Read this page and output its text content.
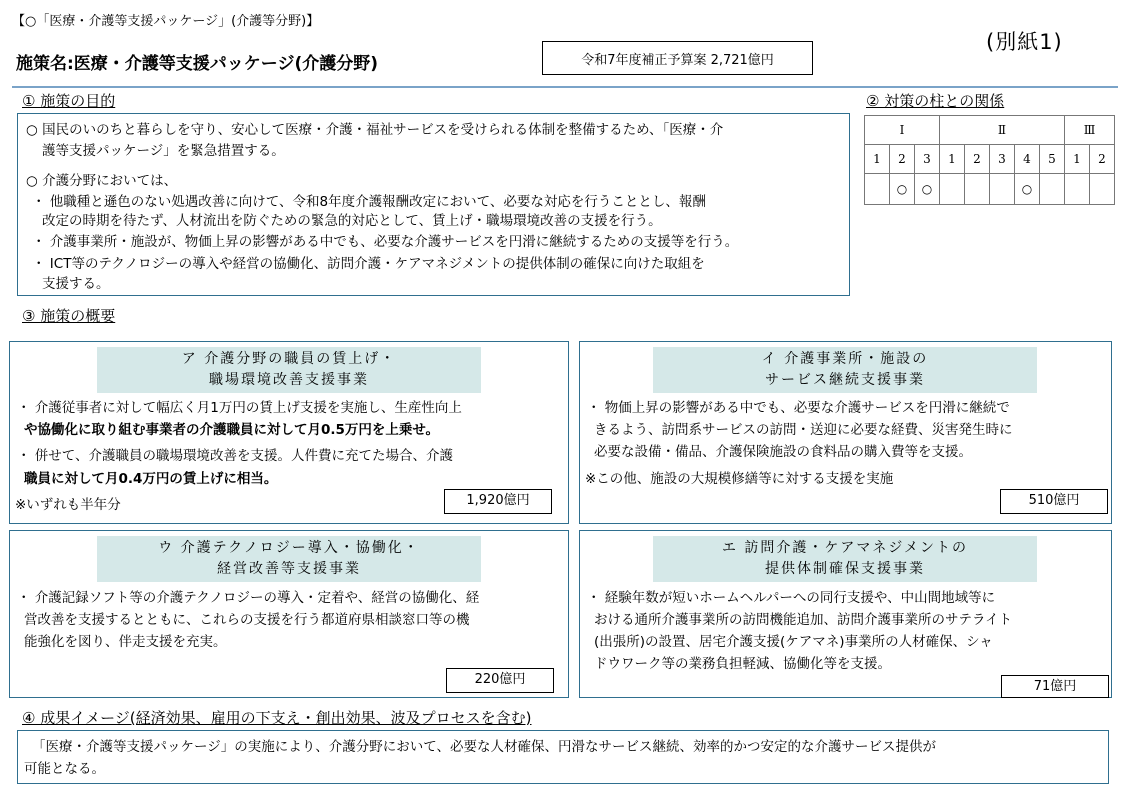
【○「医療・介護等支援パッケージ」(介護等分野)】
施策名:医療・介護等支援パッケージ(介護分野)	令和7年度補正予算案 2,721億円
(別紙1)
① 施策の目的
○ 国民のいのちと暮らしを守り、安心して医療・介護・福祉サービスを受けられる体制を整備するため、「医療・介
護等支援パッケージ」を緊急措置する。
○ 介護分野においては、
・ 他職種と遜色のない処遇改善に向けて、令和8年度介護報酬改定において、必要な対応を行うこととし、報酬
改定の時期を待たず、人材流出を防ぐための緊急的対応として、賃上げ・職場環境改善の支援を行う。
・ 介護事業所・施設が、物価上昇の影響がある中でも、必要な介護サービスを円滑に継続するための支援等を行う。
・ ICT等のテクノロジーの導入や経営の協働化、訪問介護・ケアマネジメントの提供体制の確保に向けた取組を
支援する。
② 対策の柱との関係
Ⅰ			Ⅱ					Ⅲ	
1	2	3	1	2	3	4	5	1	2
	○	○				○			
③ 施策の概要
ア 介護分野の職員の賃上げ・
職場環境改善支援事業
・ 介護従事者に対して幅広く月1万円の賃上げ支援を実施し、生産性向上
や協働化に取り組む事業者の介護職員に対して月0.5万円を上乗せ。
・ 併せて、介護職員の職場環境改善を支援。人件費に充てた場合、介護
職員に対して月0.4万円の賃上げに相当。
※いずれも半年分	1,920億円
イ 介護事業所・施設の
サービス継続支援事業
・ 物価上昇の影響がある中でも、必要な介護サービスを円滑に継続で
きるよう、訪問系サービスの訪問・送迎に必要な経費、災害発生時に
必要な設備・備品、介護保険施設の食料品の購入費等を支援。
※この他、施設の大規模修繕等に対する支援を実施
510億円
ウ 介護テクノロジー導入・協働化・
経営改善等支援事業
・ 介護記録ソフト等の介護テクノロジーの導入・定着や、経営の協働化、経
営改善を支援するとともに、これらの支援を行う都道府県相談窓口等の機
能強化を図り、伴走支援を充実。
220億円
エ 訪問介護・ケアマネジメントの
提供体制確保支援事業
・ 経験年数が短いホームヘルパーへの同行支援や、中山間地域等に
おける通所介護事業所の訪問機能追加、訪問介護事業所のサテライト
(出張所)の設置、居宅介護支援(ケアマネ)事業所の人材確保、シャ
ドウワーク等の業務負担軽減、協働化等を支援。
71億円
④ 成果イメージ(経済効果、雇用の下支え・創出効果、波及プロセスを含む)
「医療・介護等支援パッケージ」の実施により、介護分野において、必要な人材確保、円滑なサービス継続、効率的かつ安定的な介護サービス提供が
可能となる。
